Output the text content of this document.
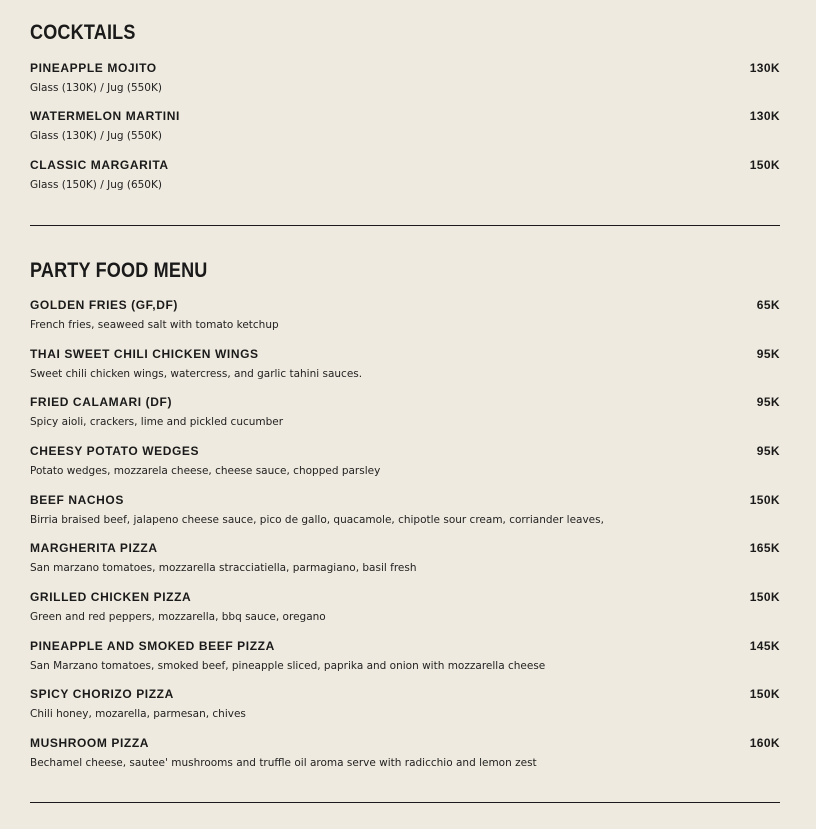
COCKTAILS
PINEAPPLE MOJITO	130K
Glass (130K) / Jug (550K)
WATERMELON MARTINI	130K
Glass (130K) / Jug (550K)
CLASSIC MARGARITA	150K
Glass (150K) / Jug (650K)
PARTY FOOD MENU
GOLDEN FRIES (GF,DF)	65K
French fries, seaweed salt with tomato ketchup
THAI SWEET CHILI CHICKEN WINGS	95K
Sweet chili chicken wings, watercress, and garlic tahini sauces.
FRIED CALAMARI (DF)	95K
Spicy aioli, crackers, lime and pickled cucumber
CHEESY POTATO WEDGES	95K
Potato wedges, mozzarela cheese, cheese sauce, chopped parsley
BEEF NACHOS	150K
Birria braised beef, jalapeno cheese sauce, pico de gallo, quacamole, chipotle sour cream, corriander leaves,
MARGHERITA PIZZA	165K
San marzano tomatoes, mozzarella stracciatiella, parmagiano, basil fresh
GRILLED CHICKEN PIZZA	150K
Green and red peppers, mozzarella, bbq sauce, oregano
PINEAPPLE AND SMOKED BEEF PIZZA	145K
San Marzano tomatoes, smoked beef, pineapple sliced, paprika and onion with mozzarella cheese
SPICY CHORIZO PIZZA	150K
Chili honey, mozarella, parmesan, chives
MUSHROOM PIZZA	160K
Bechamel cheese, sautee' mushrooms and truffle oil aroma serve with radicchio and lemon zest
